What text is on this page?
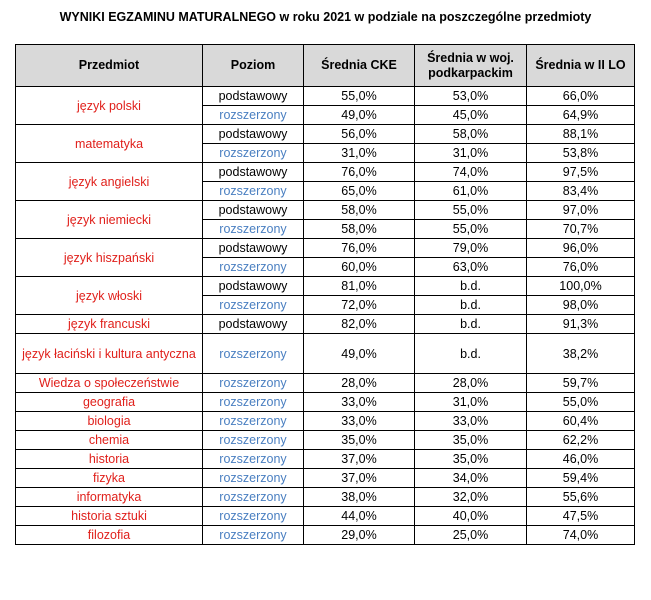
WYNIKI EGZAMINU MATURALNEGO w roku 2021 w podziale na poszczególne przedmioty
Przedmiot	Poziom	Średnia CKE	Średnia w woj. podkarpackim	Średnia w II LO
język polski	podstawowy	55,0%	53,0%	66,0%
	rozszerzony	49,0%	45,0%	64,9%
matematyka	podstawowy	56,0%	58,0%	88,1%
	rozszerzony	31,0%	31,0%	53,8%
język angielski	podstawowy	76,0%	74,0%	97,5%
	rozszerzony	65,0%	61,0%	83,4%
język niemiecki	podstawowy	58,0%	55,0%	97,0%
	rozszerzony	58,0%	55,0%	70,7%
język hiszpański	podstawowy	76,0%	79,0%	96,0%
	rozszerzony	60,0%	63,0%	76,0%
język włoski	podstawowy	81,0%	b.d.	100,0%
	rozszerzony	72,0%	b.d.	98,0%
język francuski	podstawowy	82,0%	b.d.	91,3%
język łaciński i kultura antyczna	rozszerzony	49,0%	b.d.	38,2%
Wiedza o społeczeństwie	rozszerzony	28,0%	28,0%	59,7%
geografia	rozszerzony	33,0%	31,0%	55,0%
biologia	rozszerzony	33,0%	33,0%	60,4%
chemia	rozszerzony	35,0%	35,0%	62,2%
historia	rozszerzony	37,0%	35,0%	46,0%
fizyka	rozszerzony	37,0%	34,0%	59,4%
informatyka	rozszerzony	38,0%	32,0%	55,6%
historia sztuki	rozszerzony	44,0%	40,0%	47,5%
filozofia	rozszerzony	29,0%	25,0%	74,0%
